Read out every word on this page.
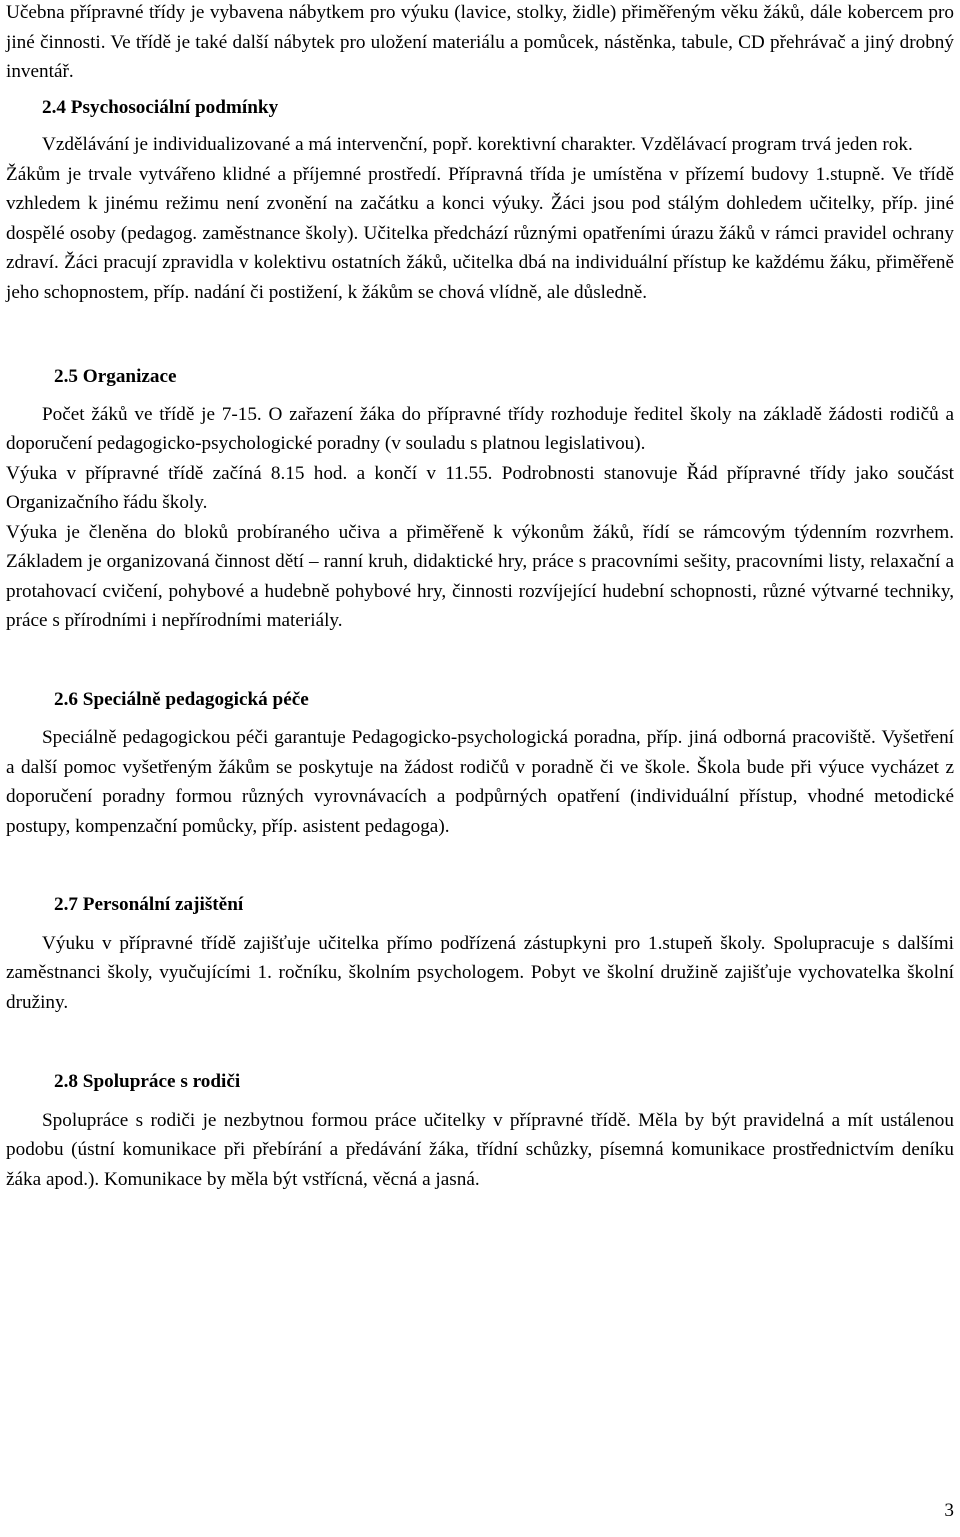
Učebna přípravné třídy je vybavena nábytkem pro výuku (lavice, stolky, židle) přiměřeným věku žáků, dále kobercem pro jiné činnosti. Ve třídě je také další nábytek pro uložení materiálu a pomůcek, nástěnka, tabule, CD přehrávač a jiný drobný inventář.

2.4 Psychosociální podmínky

Vzdělávání je individualizované a má intervenční, popř. korektivní charakter. Vzdělávací program trvá jeden rok.

Žákům je trvale vytvářeno klidné a příjemné prostředí. Přípravná třída je umístěna v přízemí budovy 1.stupně. Ve třídě vzhledem k jinému režimu není zvonění na začátku a konci výuky. Žáci jsou pod stálým dohledem učitelky, příp. jiné dospělé osoby (pedagog. zaměstnance školy). Učitelka předchází různými opatřeními úrazu žáků v rámci pravidel ochrany zdraví. Žáci pracují zpravidla v kolektivu ostatních žáků, učitelka dbá na individuální přístup ke každému žáku, přiměřeně jeho schopnostem, příp. nadání či postižení, k žákům se chová vlídně, ale důsledně.

2.5 Organizace

Počet žáků ve třídě je 7-15. O zařazení žáka do přípravné třídy rozhoduje ředitel školy na základě žádosti rodičů a doporučení pedagogicko-psychologické poradny (v souladu s platnou legislativou).

Výuka v přípravné třídě začíná 8.15 hod. a končí v 11.55. Podrobnosti stanovuje Řád přípravné třídy jako součást Organizačního řádu školy.

Výuka je členěna do bloků probíraného učiva a přiměřeně k výkonům žáků, řídí se rámcovým týdenním rozvrhem. Základem je organizovaná činnost dětí – ranní kruh, didaktické hry, práce s pracovními sešity, pracovními listy, relaxační a protahovací cvičení, pohybové a hudebně pohybové hry, činnosti rozvíjející hudební schopnosti, různé výtvarné techniky, práce s přírodními i nepřírodními materiály.

2.6 Speciálně pedagogická péče

Speciálně pedagogickou péči garantuje Pedagogicko-psychologická poradna, příp. jiná odborná pracoviště. Vyšetření a další pomoc vyšetřeným žákům se poskytuje na žádost rodičů v poradně či ve škole. Škola bude při výuce vycházet z doporučení poradny formou různých vyrovnávacích a podpůrných opatření (individuální přístup, vhodné metodické postupy, kompenzační pomůcky, příp. asistent pedagoga).

2.7 Personální zajištění

Výuku v přípravné třídě zajišťuje učitelka přímo podřízená zástupkyni pro 1.stupeň školy. Spolupracuje s dalšími zaměstnanci školy, vyučujícími 1. ročníku, školním psychologem. Pobyt ve školní družině zajišťuje vychovatelka školní družiny.

2.8 Spolupráce s rodiči

Spolupráce s rodiči je nezbytnou formou práce učitelky v přípravné třídě. Měla by být pravidelná a mít ustálenou podobu (ústní komunikace při přebírání a předávání žáka, třídní schůzky, písemná komunikace prostřednictvím deníku žáka apod.). Komunikace by měla být vstřícná, věcná a jasná.

3
